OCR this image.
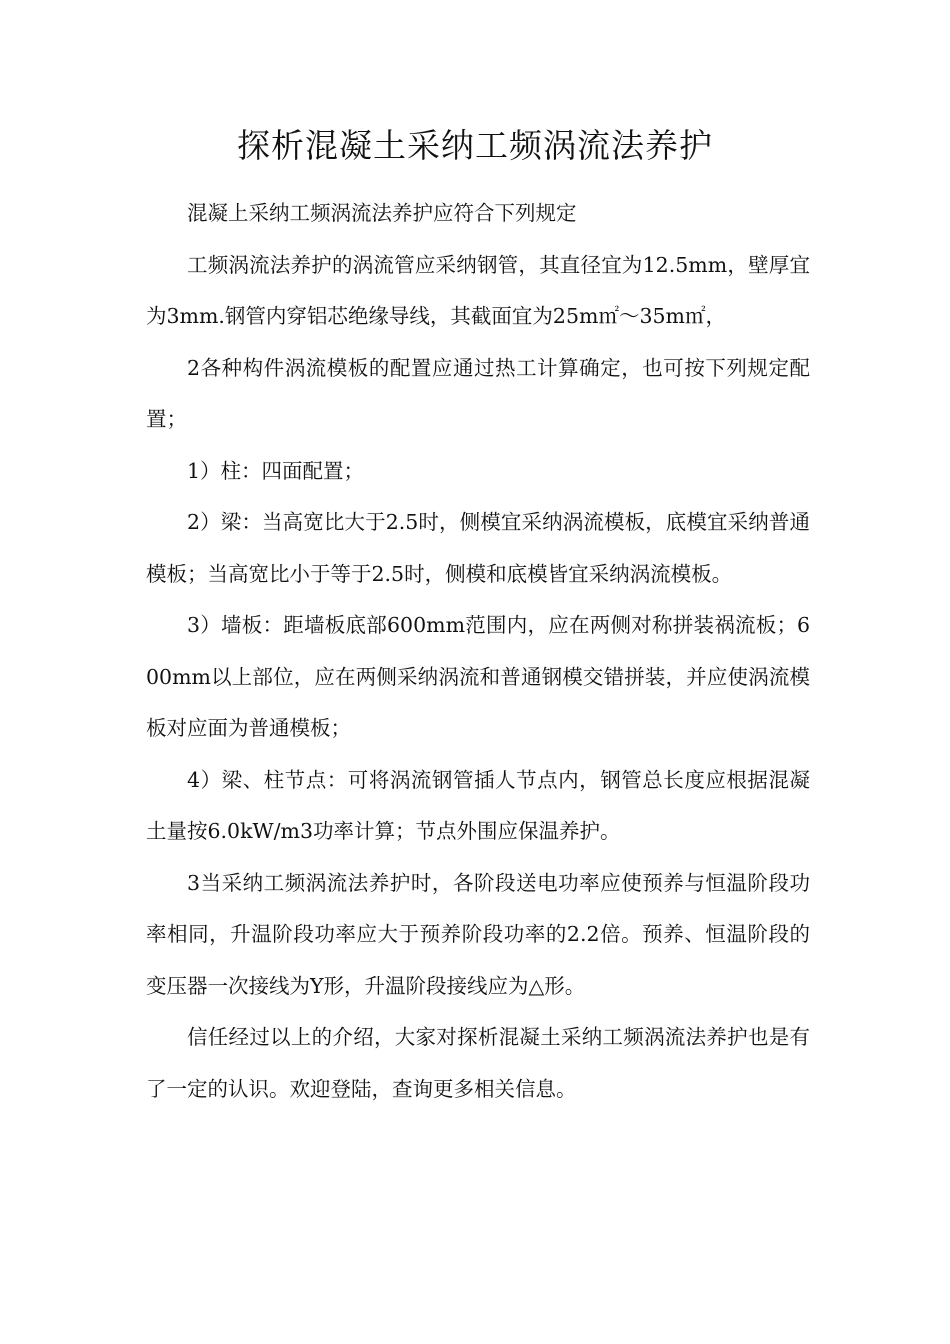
探析混凝土采纳工频涡流法养护

混凝上采纳工频涡流法养护应符合下列规定

工频涡流法养护的涡流管应采纳钢管，其直径宜为12.5mm，壁厚宜为3mm.钢管内穿铝芯绝缘导线，其截面宜为25m㎡～35m㎡，

2各种构件涡流模板的配置应通过热工计算确定，也可按下列规定配置；

1）柱：四面配置；

2）梁：当高宽比大于2.5时，侧模宜采纳涡流模板，底模宜采纳普通模板；当高宽比小于等于2.5时，侧模和底模皆宜采纳涡流模板。

3）墙板：距墙板底部600mm范围内，应在两侧对称拼装祸流板；600mm以上部位，应在两侧采纳涡流和普通钢模交错拼装，并应使涡流模板对应面为普通模板；

4）梁、柱节点：可将涡流钢管插人节点内，钢管总长度应根据混凝土量按6.0kW/m3功率计算；节点外围应保温养护。

3当采纳工频涡流法养护时，各阶段送电功率应使预养与恒温阶段功率相同，升温阶段功率应大于预养阶段功率的2.2倍。预养、恒温阶段的变压器一次接线为Y形，升温阶段接线应为△形。

信任经过以上的介绍，大家对探析混凝土采纳工频涡流法养护也是有了一定的认识。欢迎登陆，查询更多相关信息。
